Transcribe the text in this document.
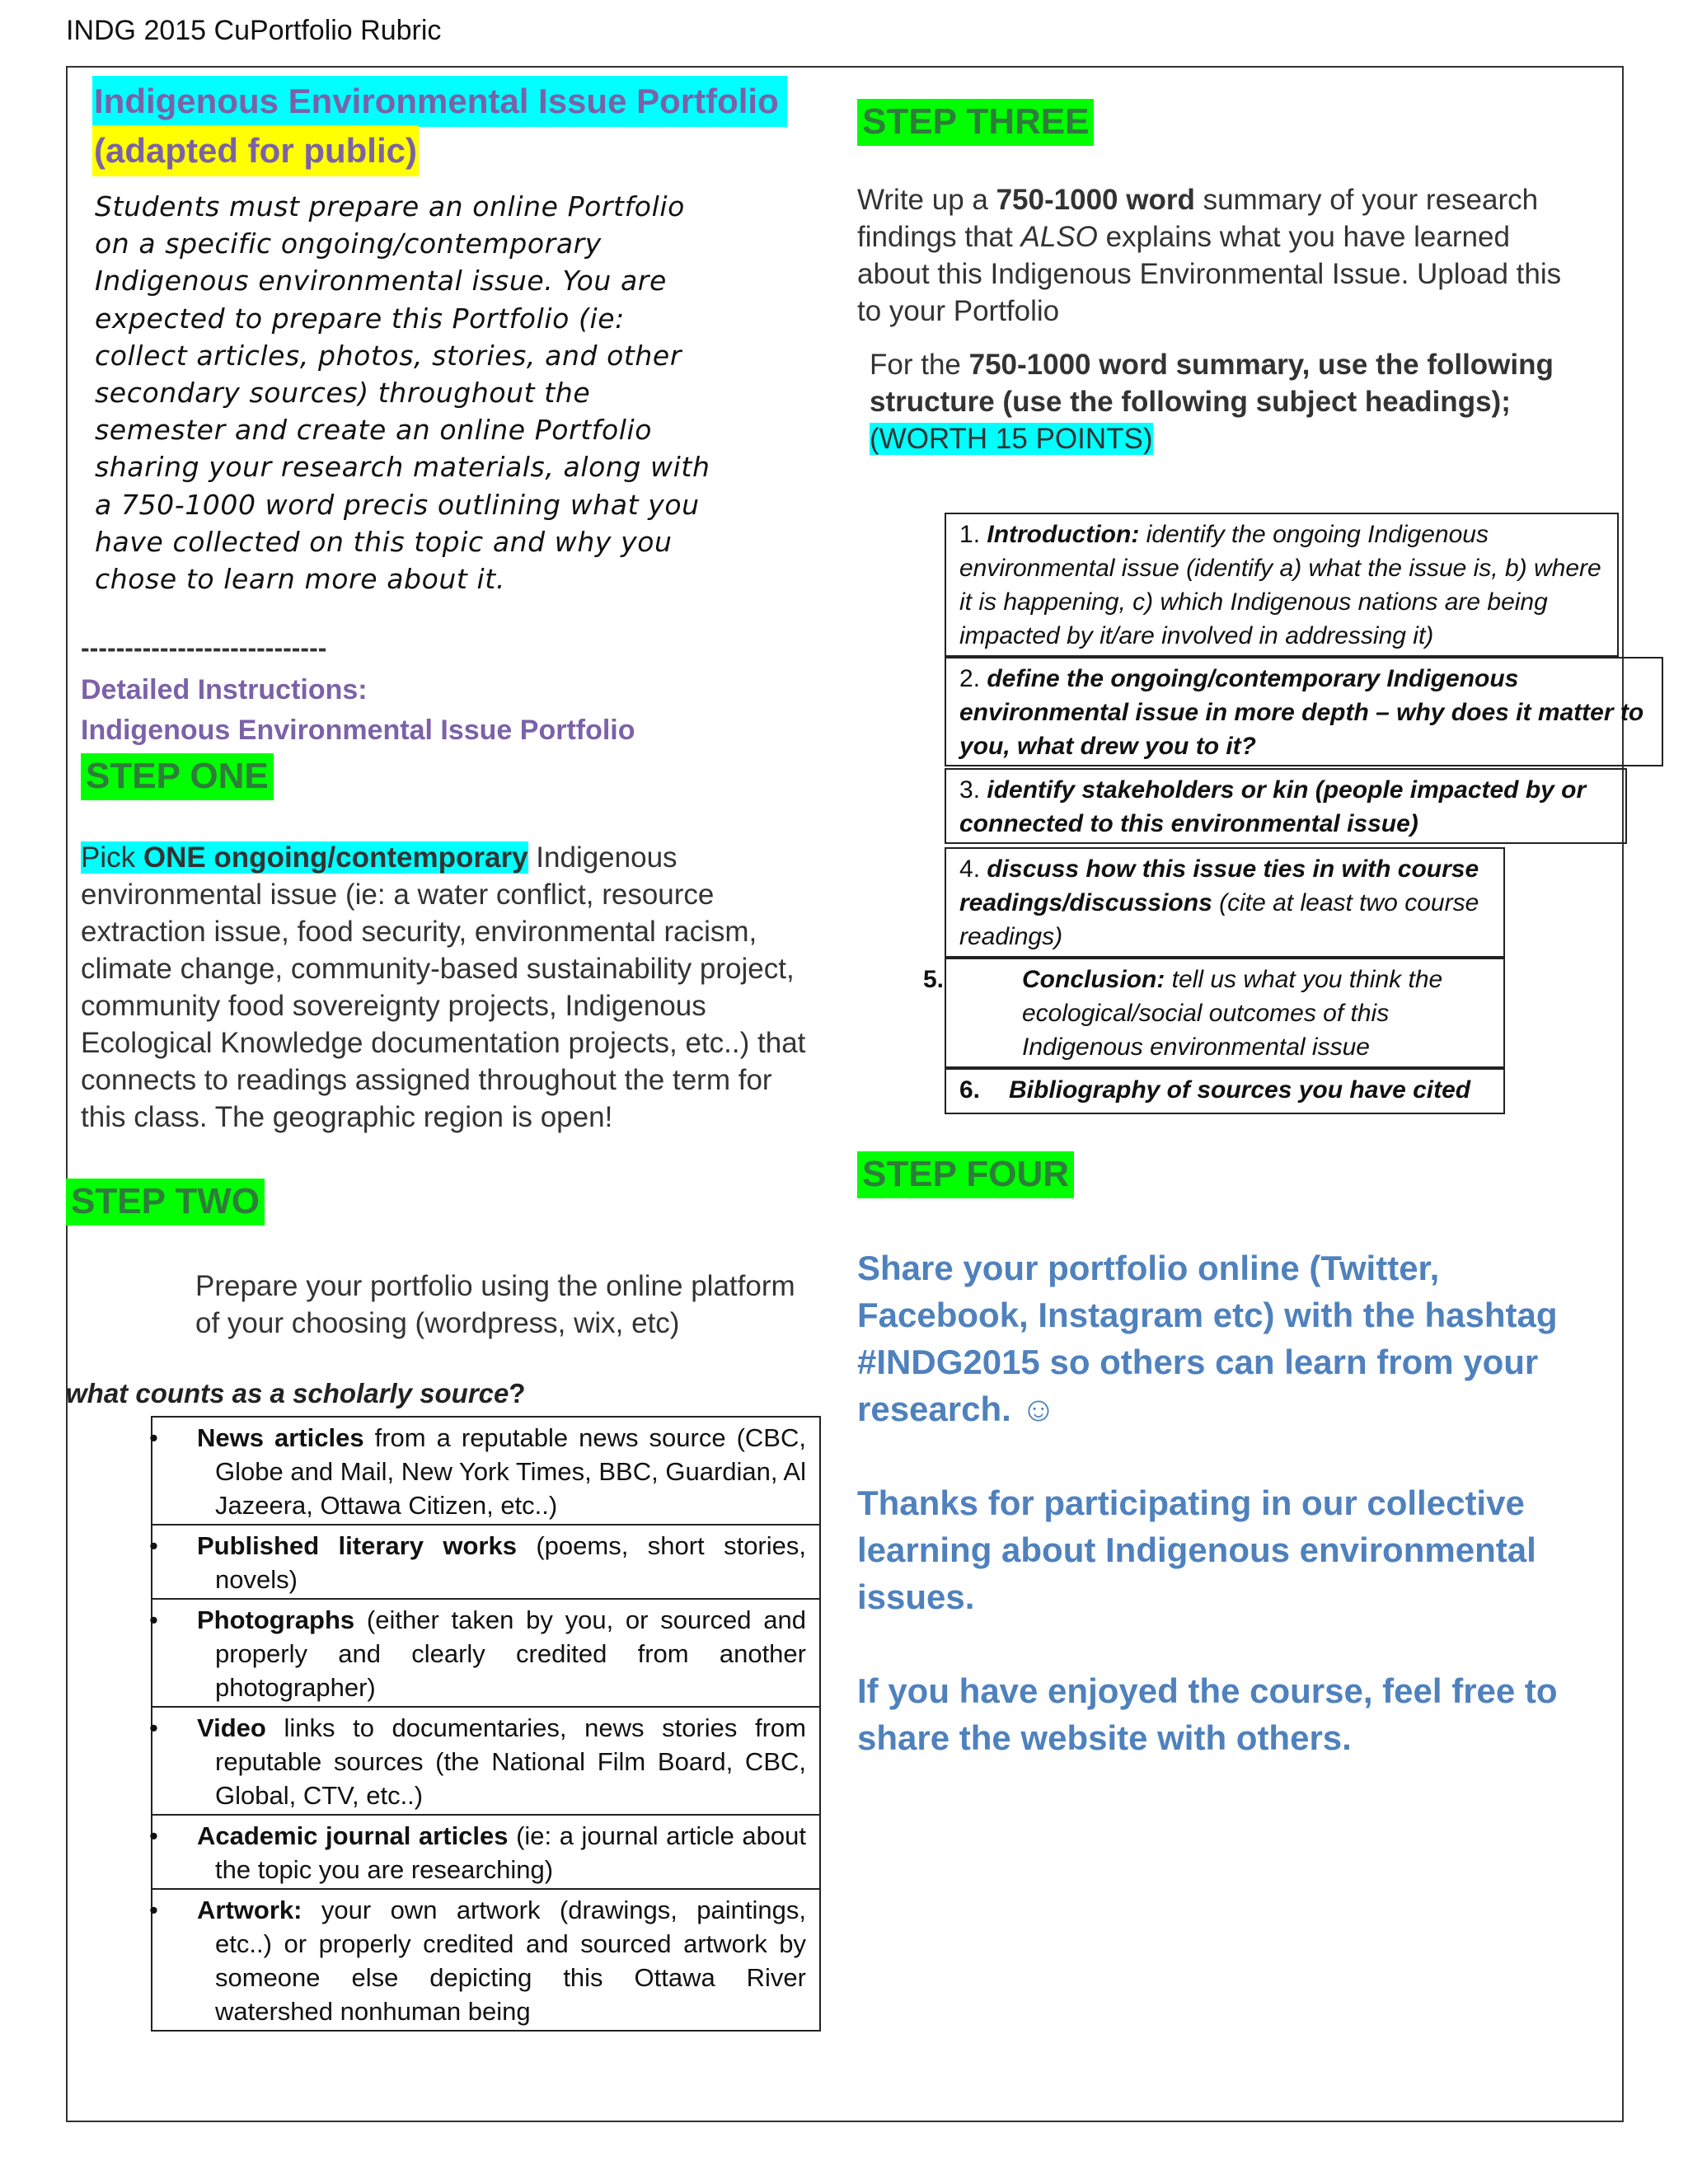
INDG 2015 CuPortfolio Rubric
Indigenous Environmental Issue Portfolio
(adapted for public)
Students must prepare an online Portfolio on a specific ongoing/contemporary Indigenous environmental issue. You are expected to prepare this Portfolio (ie: collect articles, photos, stories, and other secondary sources) throughout the semester and create an online Portfolio sharing your research materials, along with a 750-1000 word precis outlining what you have collected on this topic and why you chose to learn more about it.
----------------------------
Detailed Instructions:
Indigenous Environmental Issue Portfolio
STEP ONE
Pick ONE ongoing/contemporary Indigenous environmental issue (ie: a water conflict, resource extraction issue, food security, environmental racism, climate change, community-based sustainability project, community food sovereignty projects, Indigenous Ecological Knowledge documentation projects, etc..) that connects to readings assigned throughout the term for this class. The geographic region is open!
STEP TWO
Prepare your portfolio using the online platform of your choosing (wordpress, wix, etc)
what counts as a scholarly source?
• News articles from a reputable news source (CBC, Globe and Mail, New York Times, BBC, Guardian, Al Jazeera, Ottawa Citizen, etc..)
• Published literary works (poems, short stories, novels)
• Photographs (either taken by you, or sourced and properly and clearly credited from another photographer)
• Video links to documentaries, news stories from reputable sources (the National Film Board, CBC, Global, CTV, etc..)
• Academic journal articles (ie: a journal article about the topic you are researching)
• Artwork: your own artwork (drawings, paintings, etc..) or properly credited and sourced artwork by someone else depicting this Ottawa River watershed nonhuman being
STEP THREE
Write up a 750-1000 word summary of your research findings that ALSO explains what you have learned about this Indigenous Environmental Issue. Upload this to your Portfolio
For the 750-1000 word summary, use the following structure (use the following subject headings); (WORTH 15 POINTS)
1. Introduction: identify the ongoing Indigenous environmental issue (identify a) what the issue is, b) where it is happening, c) which Indigenous nations are being impacted by it/are involved in addressing it)
2. define the ongoing/contemporary Indigenous environmental issue in more depth – why does it matter to you, what drew you to it?
3. identify stakeholders or kin (people impacted by or connected to this environmental issue)
4. discuss how this issue ties in with course readings/discussions (cite at least two course readings)
5.	Conclusion: tell us what you think the ecological/social outcomes of this Indigenous environmental issue
6. Bibliography of sources you have cited
STEP FOUR
Share your portfolio online (Twitter, Facebook, Instagram etc) with the hashtag #INDG2015 so others can learn from your research. ☺
Thanks for participating in our collective learning about Indigenous environmental issues.
If you have enjoyed the course, feel free to share the website with others.
